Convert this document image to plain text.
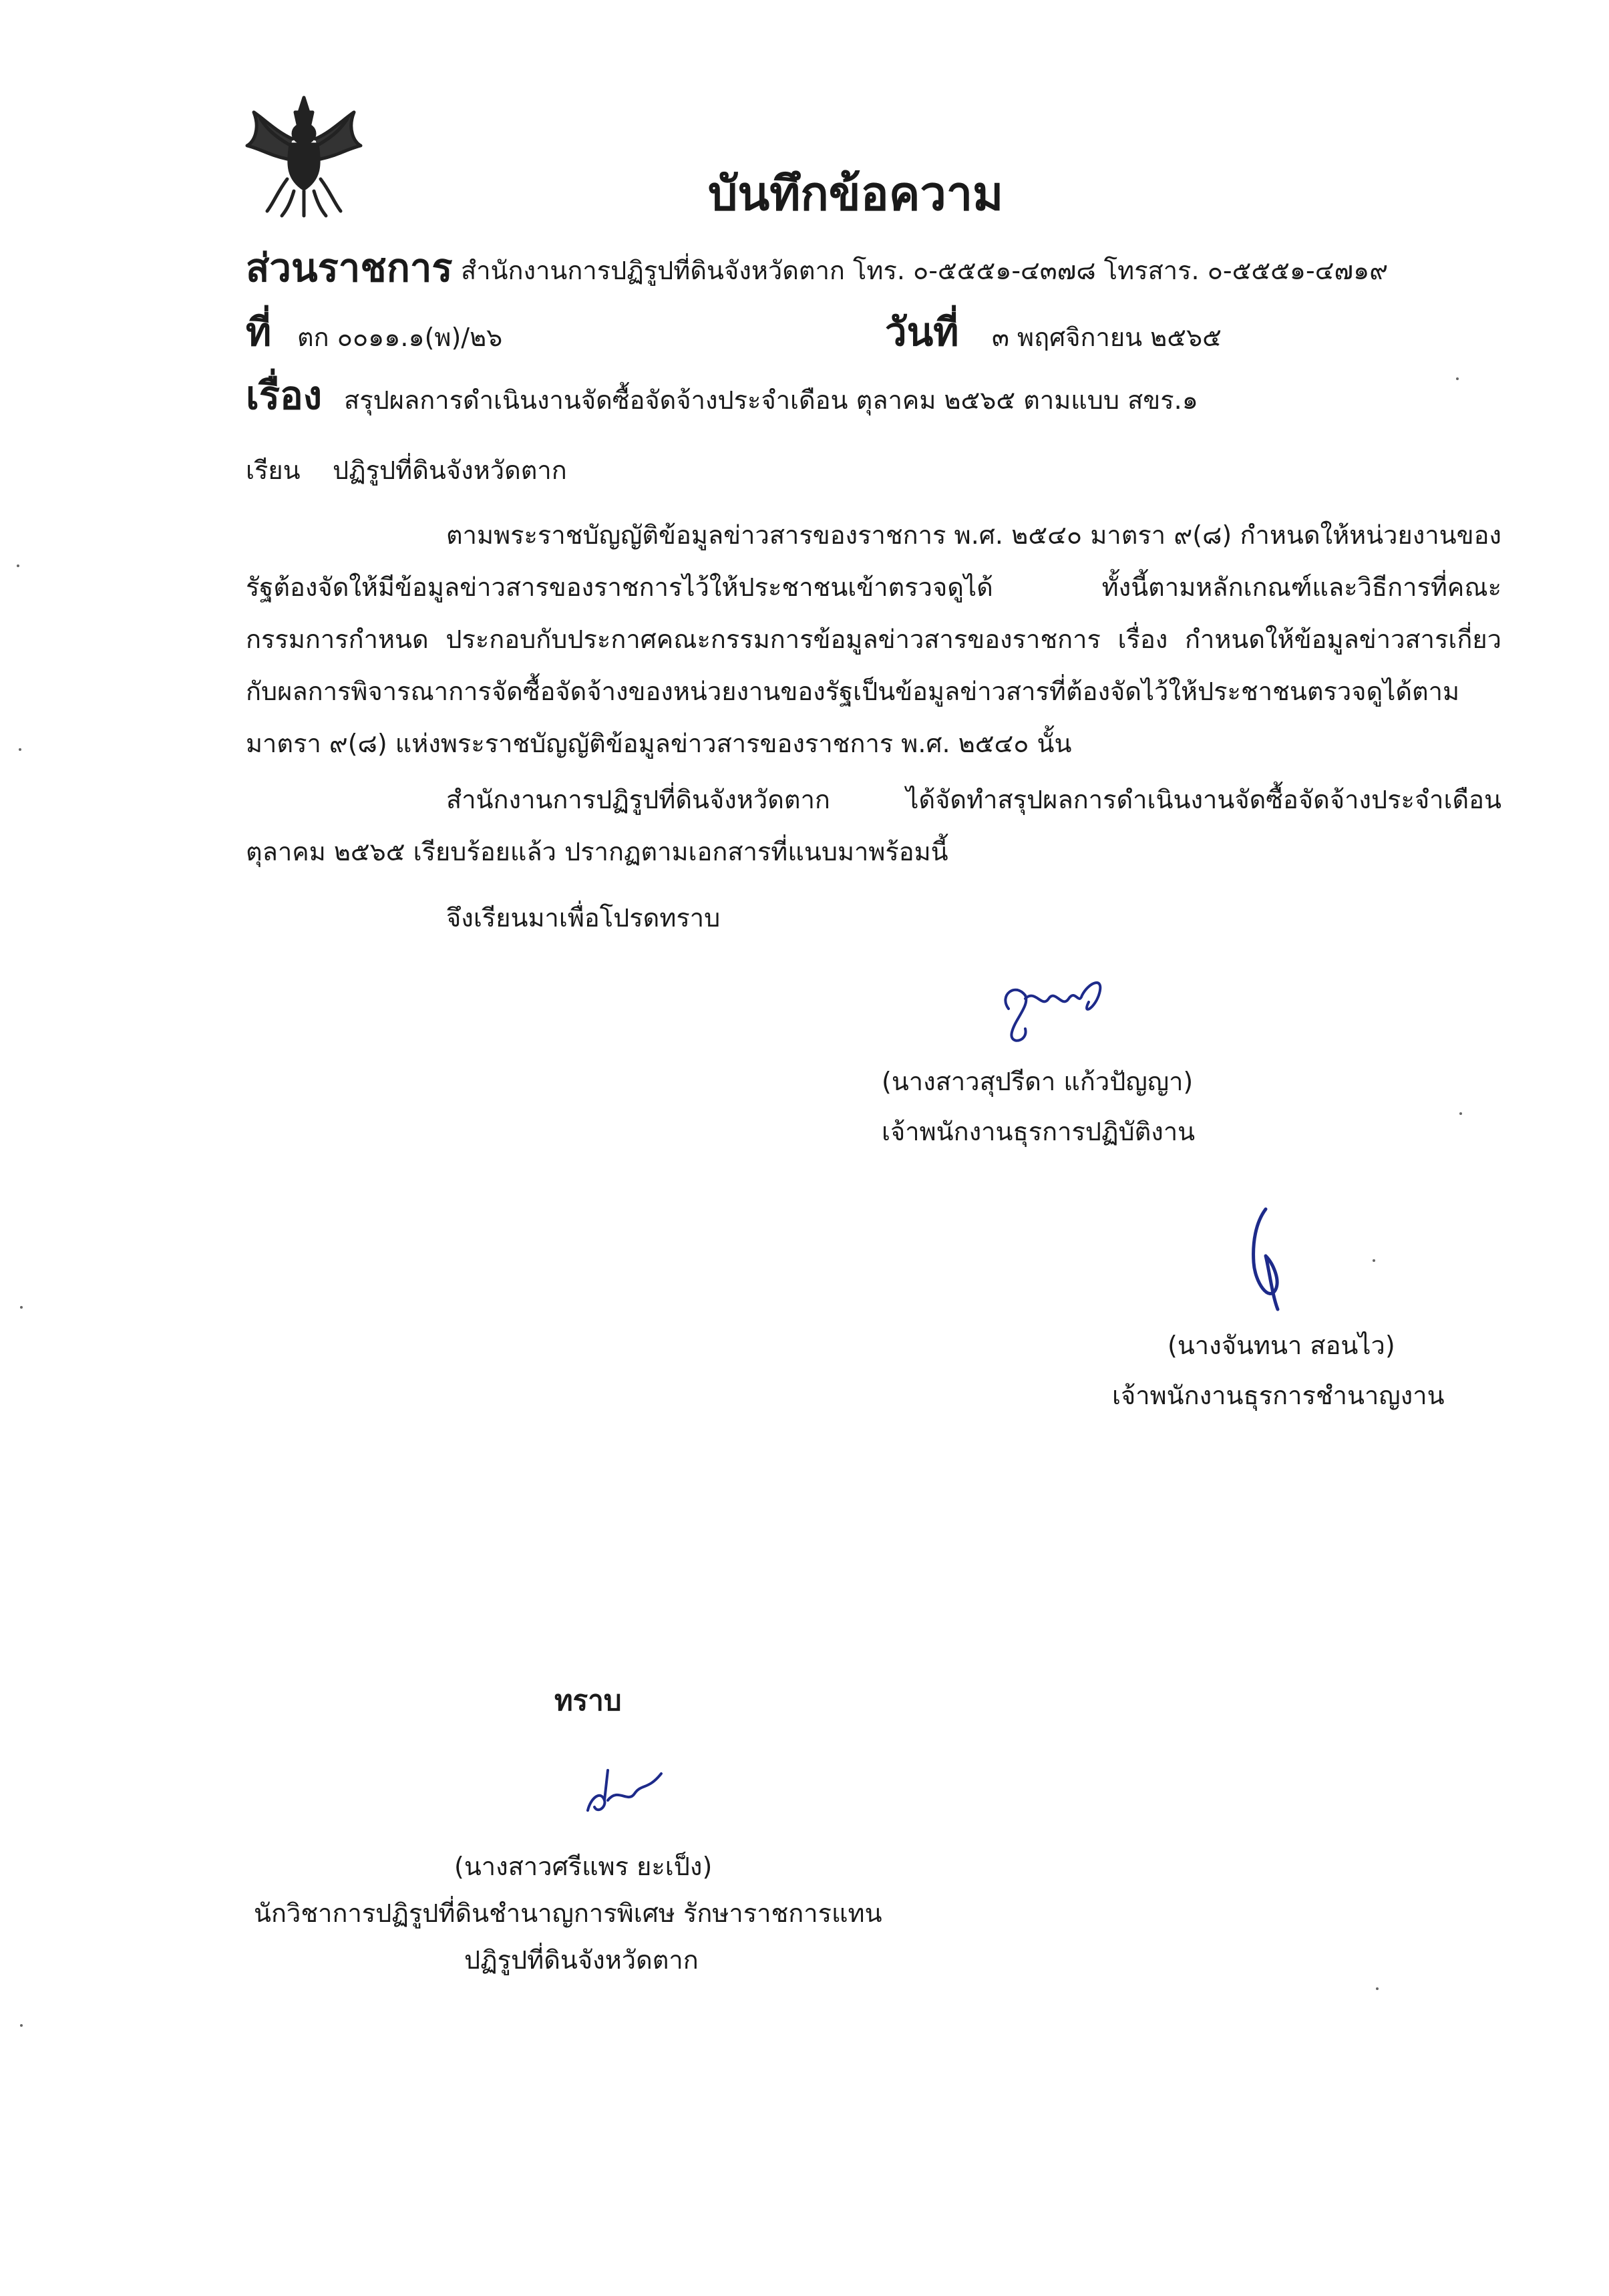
บันทึกข้อความ
ส่วนราชการ สำนักงานการปฏิรูปที่ดินจังหวัดตาก โทร. ๐-๕๕๕๑-๔๓๗๘ โทรสาร. ๐-๕๕๕๑-๔๗๑๙
ที่ ตก ๐๐๑๑.๑(พ)/๒๖	วันที่ ๓ พฤศจิกายน ๒๕๖๕
เรื่อง สรุปผลการดำเนินงานจัดซื้อจัดจ้างประจำเดือน ตุลาคม ๒๕๖๕ ตามแบบ สขร.๑
เรียน ปฏิรูปที่ดินจังหวัดตาก
ตามพระราชบัญญัติข้อมูลข่าวสารของราชการ พ.ศ. ๒๕๔๐ มาตรา ๙(๘) กำหนดให้หน่วยงานของรัฐต้องจัดให้มีข้อมูลข่าวสารของราชการไว้ให้ประชาชนเข้าตรวจดูได้ ทั้งนี้ตามหลักเกณฑ์และวิธีการที่คณะกรรมการกำหนด ประกอบกับประกาศคณะกรรมการข้อมูลข่าวสารของราชการ เรื่อง กำหนดให้ข้อมูลข่าวสารเกี่ยวกับผลการพิจารณาการจัดซื้อจัดจ้างของหน่วยงานของรัฐเป็นข้อมูลข่าวสารที่ต้องจัดไว้ให้ประชาชนตรวจดูได้ตามมาตรา ๙(๘) แห่งพระราชบัญญัติข้อมูลข่าวสารของราชการ พ.ศ. ๒๕๔๐ นั้น
สำนักงานการปฏิรูปที่ดินจังหวัดตาก ได้จัดทำสรุปผลการดำเนินงานจัดซื้อจัดจ้างประจำเดือน ตุลาคม ๒๕๖๕ เรียบร้อยแล้ว ปรากฏตามเอกสารที่แนบมาพร้อมนี้
จึงเรียนมาเพื่อโปรดทราบ
(นางสาวสุปรีดา แก้วปัญญา)
เจ้าพนักงานธุรการปฏิบัติงาน
(นางจันทนา สอนไว)
เจ้าพนักงานธุรการชำนาญงาน
ทราบ
(นางสาวศรีแพร ยะเป็ง)
นักวิชาการปฏิรูปที่ดินชำนาญการพิเศษ รักษาราชการแทน
ปฏิรูปที่ดินจังหวัดตาก
